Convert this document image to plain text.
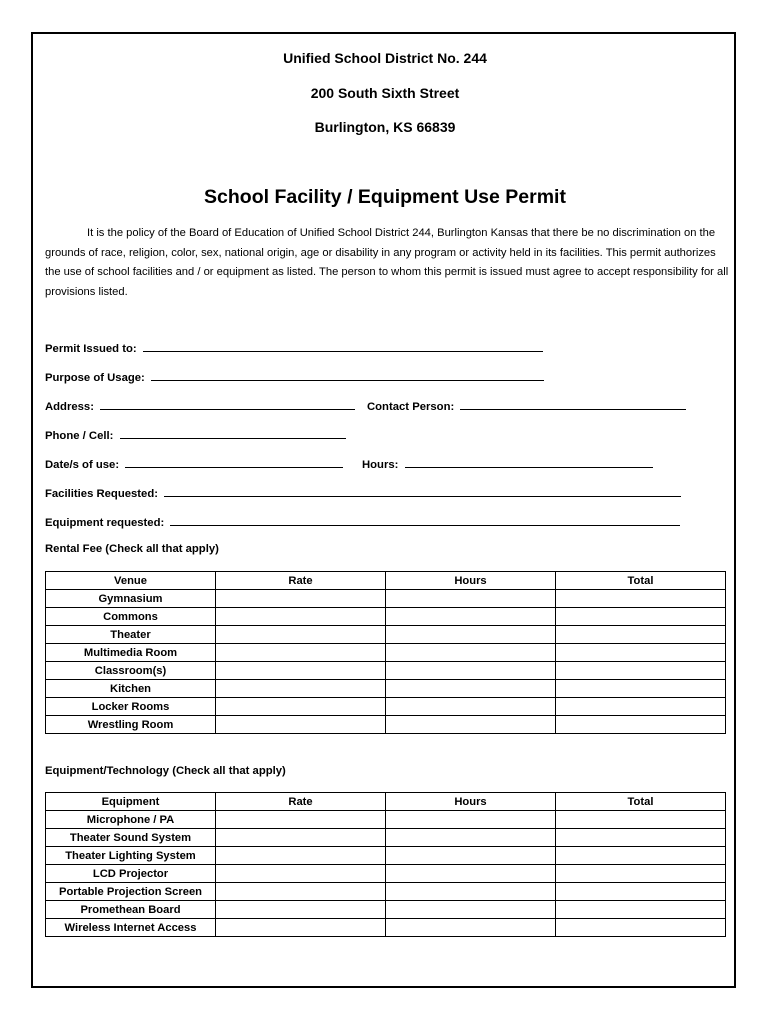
Unified School District No. 244
200 South Sixth Street
Burlington, KS 66839
School Facility / Equipment Use Permit

It is the policy of the Board of Education of Unified School District 244, Burlington Kansas that there be no discrimination on the grounds of race, religion, color, sex, national origin, age or disability in any program or activity held in its facilities. This permit authorizes the use of school facilities and / or equipment as listed. The person to whom this permit is issued must agree to accept responsibility for all provisions listed.

Permit Issued to:
Purpose of Usage:
Address:	Contact Person:
Phone / Cell:
Date/s of use:	Hours:
Facilities Requested:
Equipment requested:
Rental Fee (Check all that apply)
Venue	Rate	Hours	Total
Gymnasium			
Commons			
Theater			
Multimedia Room			
Classroom(s)			
Kitchen			
Locker Rooms			
Wrestling Room			
Equipment/Technology (Check all that apply)
Equipment	Rate	Hours	Total
Microphone / PA			
Theater Sound System			
Theater Lighting System			
LCD Projector			
Portable Projection Screen			
Promethean Board			
Wireless Internet Access			
